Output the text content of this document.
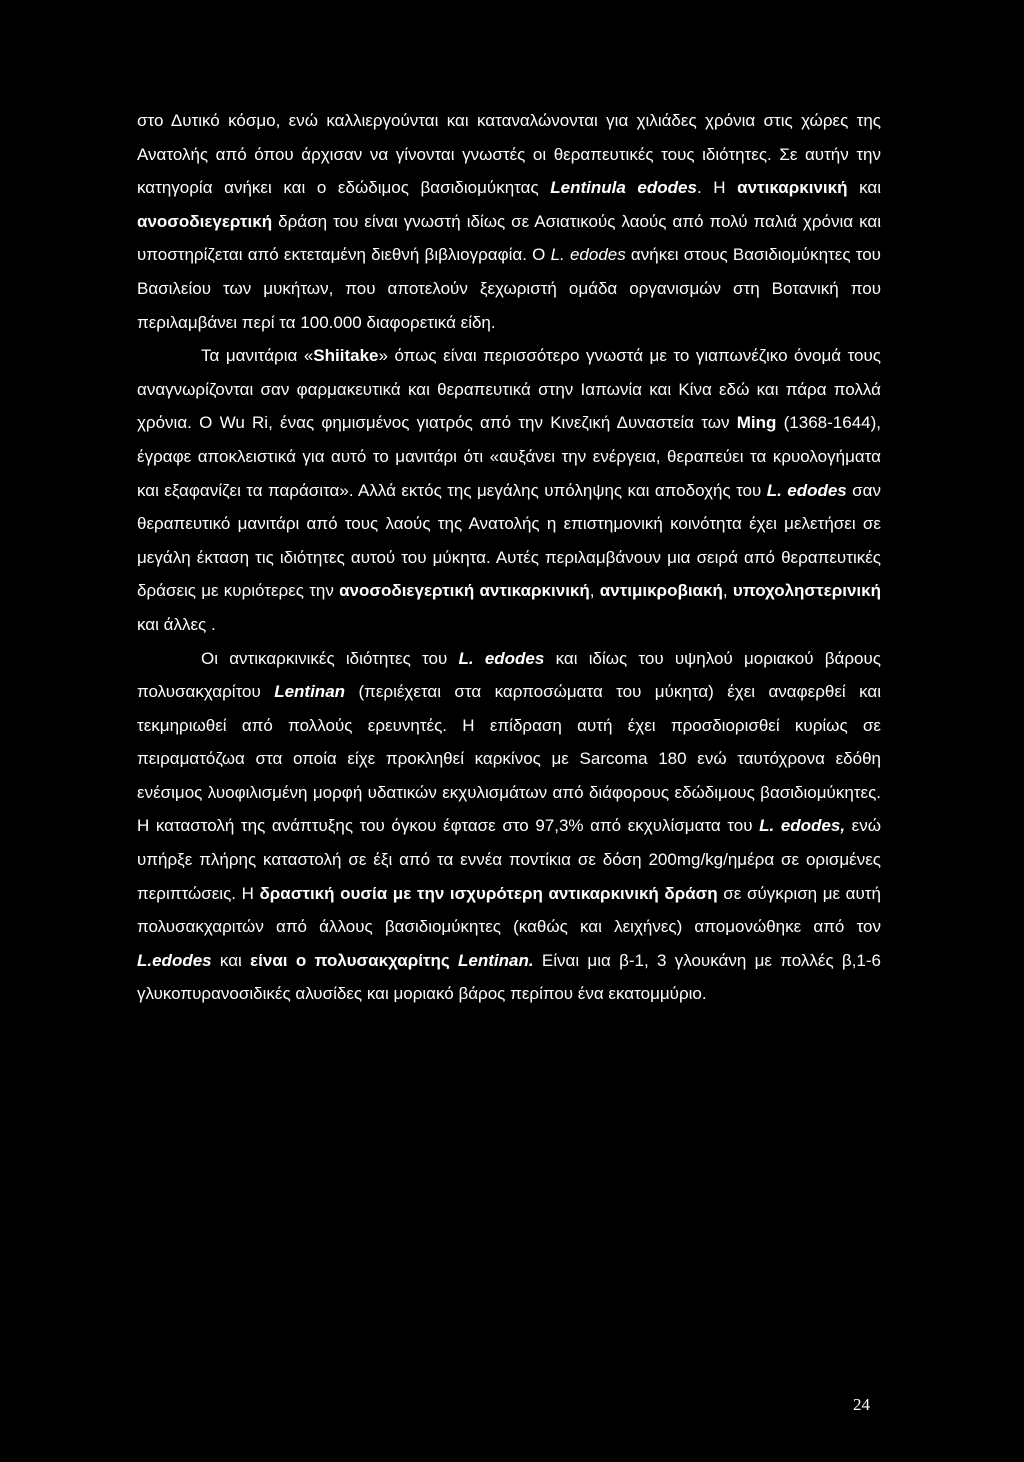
στο Δυτικό κόσμο, ενώ καλλιεργούνται και καταναλώνονται για χιλιάδες χρόνια στις χώρες της Ανατολής από όπου άρχισαν να γίνονται γνωστές οι θεραπευτικές τους ιδιότητες. Σε αυτήν την κατηγορία ανήκει και ο εδώδιμος βασιδιομύκητας Lentinula edodes. Η αντικαρκινική και ανοσοδιεγερτική δράση του είναι γνωστή ιδίως σε Ασιατικούς λαούς από πολύ παλιά χρόνια και υποστηρίζεται από εκτεταμένη διεθνή βιβλιογραφία. Ο L. edodes ανήκει στους Βασιδιομύκητες του Βασιλείου των μυκήτων, που αποτελούν ξεχωριστή ομάδα οργανισμών στη Βοτανική που περιλαμβάνει περί τα 100.000 διαφορετικά είδη.

Τα μανιτάρια «Shiitake» όπως είναι περισσότερο γνωστά με το γιαπωνέζικο όνομά τους αναγνωρίζονται σαν φαρμακευτικά και θεραπευτικά στην Ιαπωνία και Κίνα εδώ και πάρα πολλά χρόνια. Ο Wu Ri, ένας φημισμένος γιατρός από την Κινεζική Δυναστεία των Ming (1368-1644), έγραφε αποκλειστικά για αυτό το μανιτάρι ότι «αυξάνει την ενέργεια, θεραπεύει τα κρυολογήματα και εξαφανίζει τα παράσιτα». Αλλά εκτός της μεγάλης υπόληψης και αποδοχής του L. edodes σαν θεραπευτικό μανιτάρι από τους λαούς της Ανατολής η επιστημονική κοινότητα έχει μελετήσει σε μεγάλη έκταση τις ιδιότητες αυτού του μύκητα. Αυτές περιλαμβάνουν μια σειρά από θεραπευτικές δράσεις με κυριότερες την ανοσοδιεγερτική αντικαρκινική, αντιμικροβιακή, υποχοληστερινική και άλλες .

Οι αντικαρκινικές ιδιότητες του L. edodes και ιδίως του υψηλού μοριακού βάρους πολυσακχαρίτου Lentinan (περιέχεται στα καρποσώματα του μύκητα) έχει αναφερθεί και τεκμηριωθεί από πολλούς ερευνητές. Η επίδραση αυτή έχει προσδιορισθεί κυρίως σε πειραματόζωα στα οποία είχε προκληθεί καρκίνος με Sarcoma 180 ενώ ταυτόχρονα εδόθη ενέσιμος λυοφιλισμένη μορφή υδατικών εκχυλισμάτων από διάφορους εδώδιμους βασιδιομύκητες. Η καταστολή της ανάπτυξης του όγκου έφτασε στο 97,3% από εκχυλίσματα του L. edodes, ενώ υπήρξε πλήρης καταστολή σε έξι από τα εννέα ποντίκια σε δόση 200mg/kg/ημέρα σε ορισμένες περιπτώσεις. Η δραστική ουσία με την ισχυρότερη αντικαρκινική δράση σε σύγκριση με αυτή πολυσακχαριτών από άλλους βασιδιομύκητες (καθώς και λειχήνες) απομονώθηκε από τον L.edodes και είναι ο πολυσακχαρίτης Lentinan. Είναι μια β-1, 3 γλουκάνη με πολλές β,1-6 γλυκοπυρανοσιδικές αλυσίδες και μοριακό βάρος περίπου ένα εκατομμύριο.

24
